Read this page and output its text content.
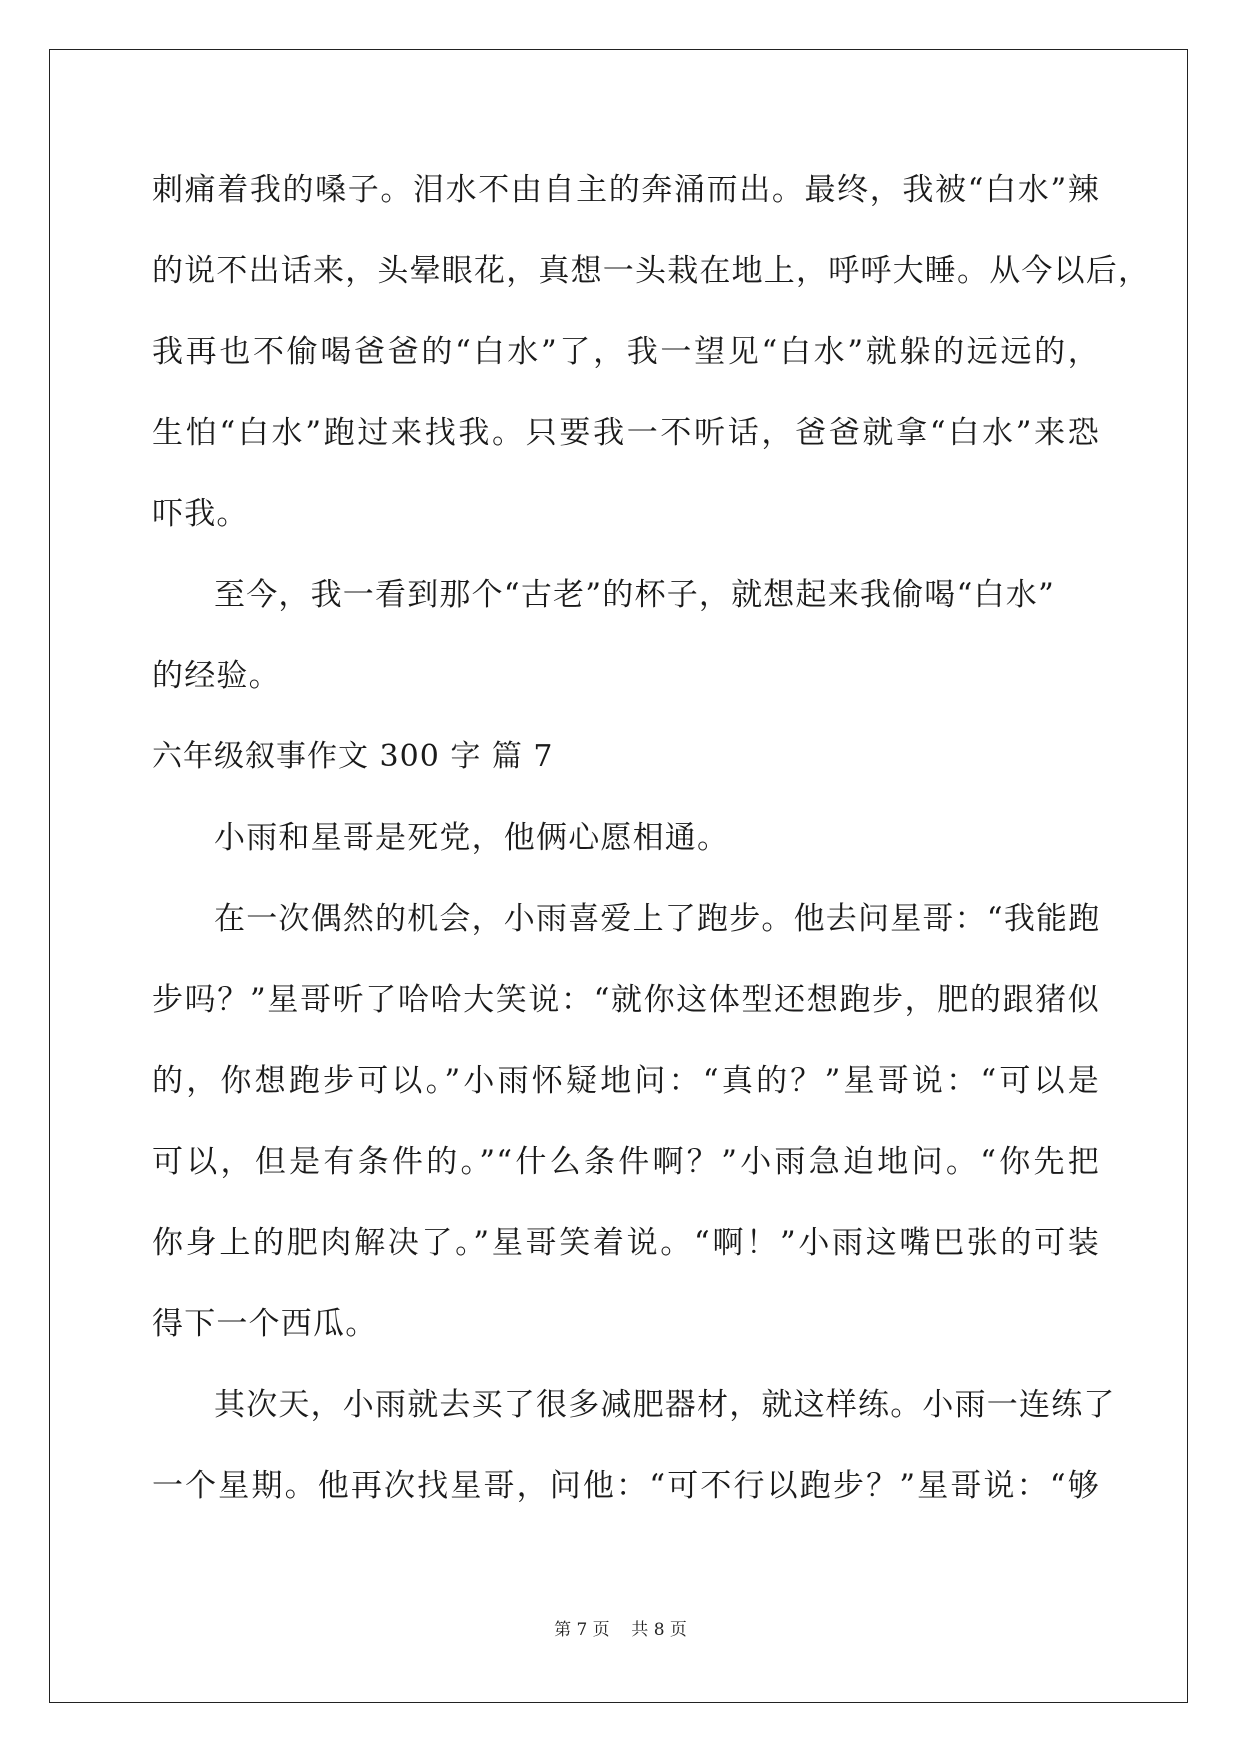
刺痛着我的嗓子。泪水不由自主的奔涌而出。最终，我被“白水”辣
的说不出话来，头晕眼花，真想一头栽在地上，呼呼大睡。从今以后，
我再也不偷喝爸爸的“白水”了，我一望见“白水”就躲的远远的，
生怕“白水”跑过来找我。只要我一不听话，爸爸就拿“白水”来恐
吓我。
至今，我一看到那个“古老”的杯子，就想起来我偷喝“白水”
的经验。
六年级叙事作文 300 字 篇 7
小雨和星哥是死党，他俩心愿相通。
在一次偶然的机会，小雨喜爱上了跑步。他去问星哥：“我能跑
步吗？”星哥听了哈哈大笑说：“就你这体型还想跑步，肥的跟猪似
的，你想跑步可以。”小雨怀疑地问：“真的？”星哥说：“可以是
可以，但是有条件的。”“什么条件啊？”小雨急迫地问。“你先把
你身上的肥肉解决了。”星哥笑着说。“啊！”小雨这嘴巴张的可装
得下一个西瓜。
其次天，小雨就去买了很多减肥器材，就这样练。小雨一连练了
一个星期。他再次找星哥，问他：“可不行以跑步？”星哥说：“够
第 7 页    共 8 页
